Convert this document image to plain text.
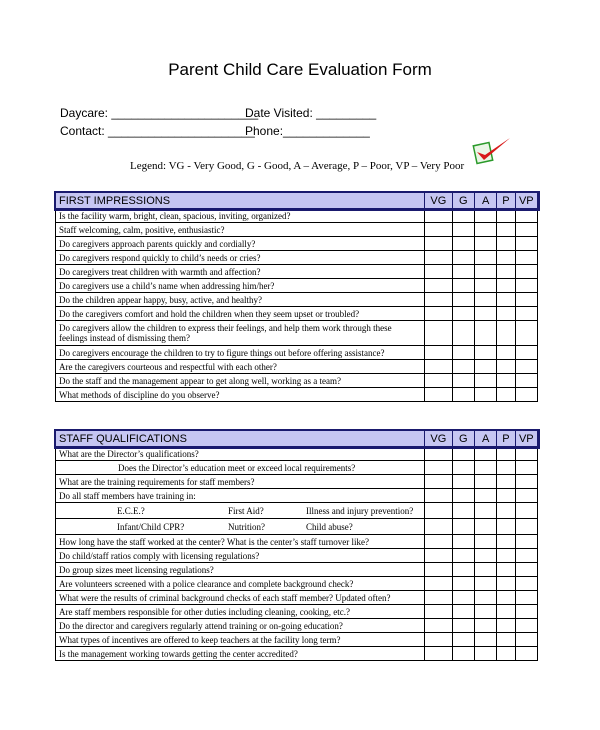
Parent Child Care Evaluation Form
Daycare: ______________________
Date Visited: _________
Contact: ______________________
Phone:_____________
Legend: VG - Very Good, G - Good, A – Average, P – Poor, VP – Very Poor
FIRST IMPRESSIONS	VG	G	A	P	VP
Is the facility warm, bright, clean, spacious, inviting, organized?					
Staff welcoming, calm, positive, enthusiastic?					
Do caregivers approach parents quickly and cordially?					
Do caregivers respond quickly to child’s needs or cries?					
Do caregivers treat children with warmth and affection?					
Do caregivers use a child’s name when addressing him/her?					
Do the children appear happy, busy, active, and healthy?					
Do the caregivers comfort and hold the children when they seem upset or troubled?					
Do caregivers allow the children to express their feelings, and help them work through these feelings instead of dismissing them?					
Do caregivers encourage the children to try to figure things out before offering assistance?					
Are the caregivers courteous and respectful with each other?					
Do the staff and the management appear to get along well, working as a team?					
What methods of discipline do you observe?					
STAFF QUALIFICATIONS	VG	G	A	P	VP
What are the Director’s qualifications?					
Does the Director’s education meet or exceed local requirements?					
What are the training requirements for staff members?					
Do all staff members have training in:					
E.C.E.? First Aid? Illness and injury prevention?					
Infant/Child CPR? Nutrition? Child abuse?					
How long have the staff worked at the center? What is the center’s staff turnover like?					
Do child/staff ratios comply with licensing regulations?					
Do group sizes meet licensing regulations?					
Are volunteers screened with a police clearance and complete background check?					
What were the results of criminal background checks of each staff member? Updated often?					
Are staff members responsible for other duties including cleaning, cooking, etc.?					
Do the director and caregivers regularly attend training or on-going education?					
What types of incentives are offered to keep teachers at the facility long term?					
Is the management working towards getting the center accredited?					
